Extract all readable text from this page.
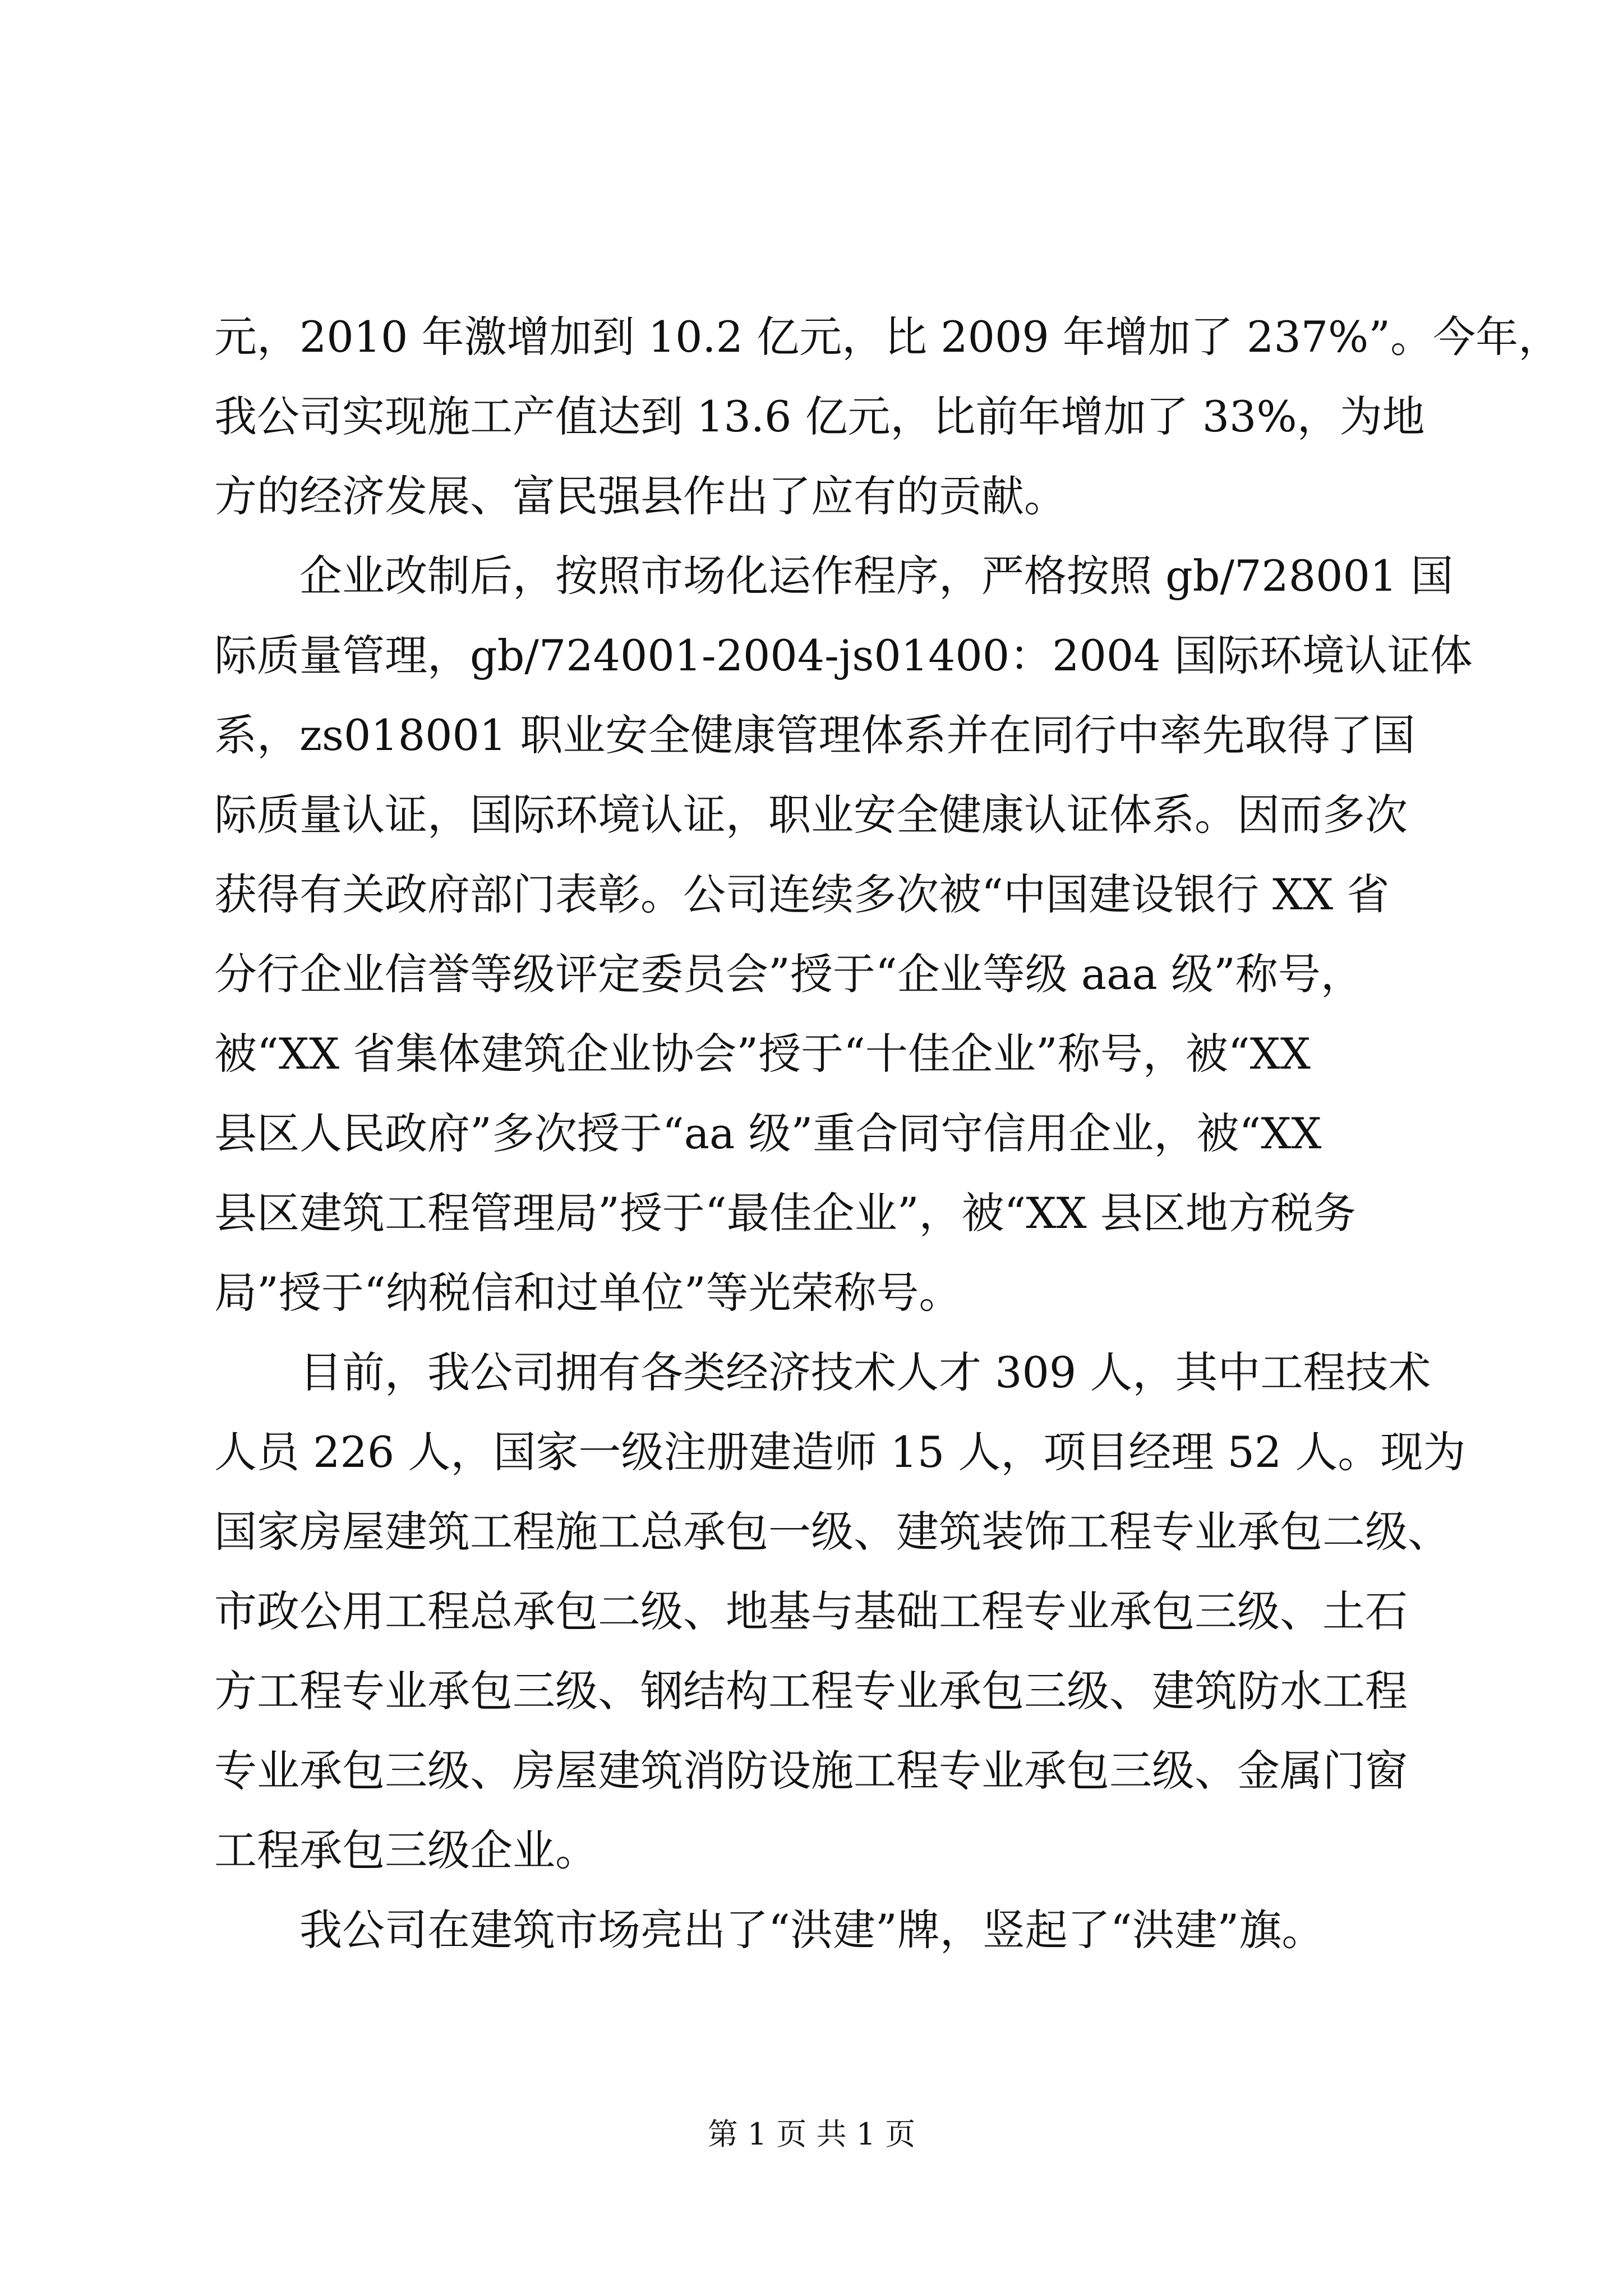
元，2010 年激增加到 10.2 亿元，比 2009 年增加了 237%”。今年，
我公司实现施工产值达到 13.6 亿元，比前年增加了 33%，为地
方的经济发展、富民强县作出了应有的贡献。
　　企业改制后，按照市场化运作程序，严格按照 gb/728001 国
际质量管理，gb/724001-2004-js01400：2004 国际环境认证体
系，zs018001 职业安全健康管理体系并在同行中率先取得了国
际质量认证，国际环境认证，职业安全健康认证体系。因而多次
获得有关政府部门表彰。公司连续多次被“中国建设银行 XX 省
分行企业信誉等级评定委员会”授于“企业等级 aaa 级”称号，
被“XX 省集体建筑企业协会”授于“十佳企业”称号，被“XX
县区人民政府”多次授于“aa 级”重合同守信用企业，被“XX
县区建筑工程管理局”授于“最佳企业”，被“XX 县区地方税务
局”授于“纳税信和过单位”等光荣称号。
　　目前，我公司拥有各类经济技术人才 309 人，其中工程技术
人员 226 人，国家一级注册建造师 15 人，项目经理 52 人。现为
国家房屋建筑工程施工总承包一级、建筑装饰工程专业承包二级、
市政公用工程总承包二级、地基与基础工程专业承包三级、土石
方工程专业承包三级、钢结构工程专业承包三级、建筑防水工程
专业承包三级、房屋建筑消防设施工程专业承包三级、金属门窗
工程承包三级企业。
　　我公司在建筑市场亮出了“洪建”牌，竖起了“洪建”旗。
第 1 页 共 1 页
